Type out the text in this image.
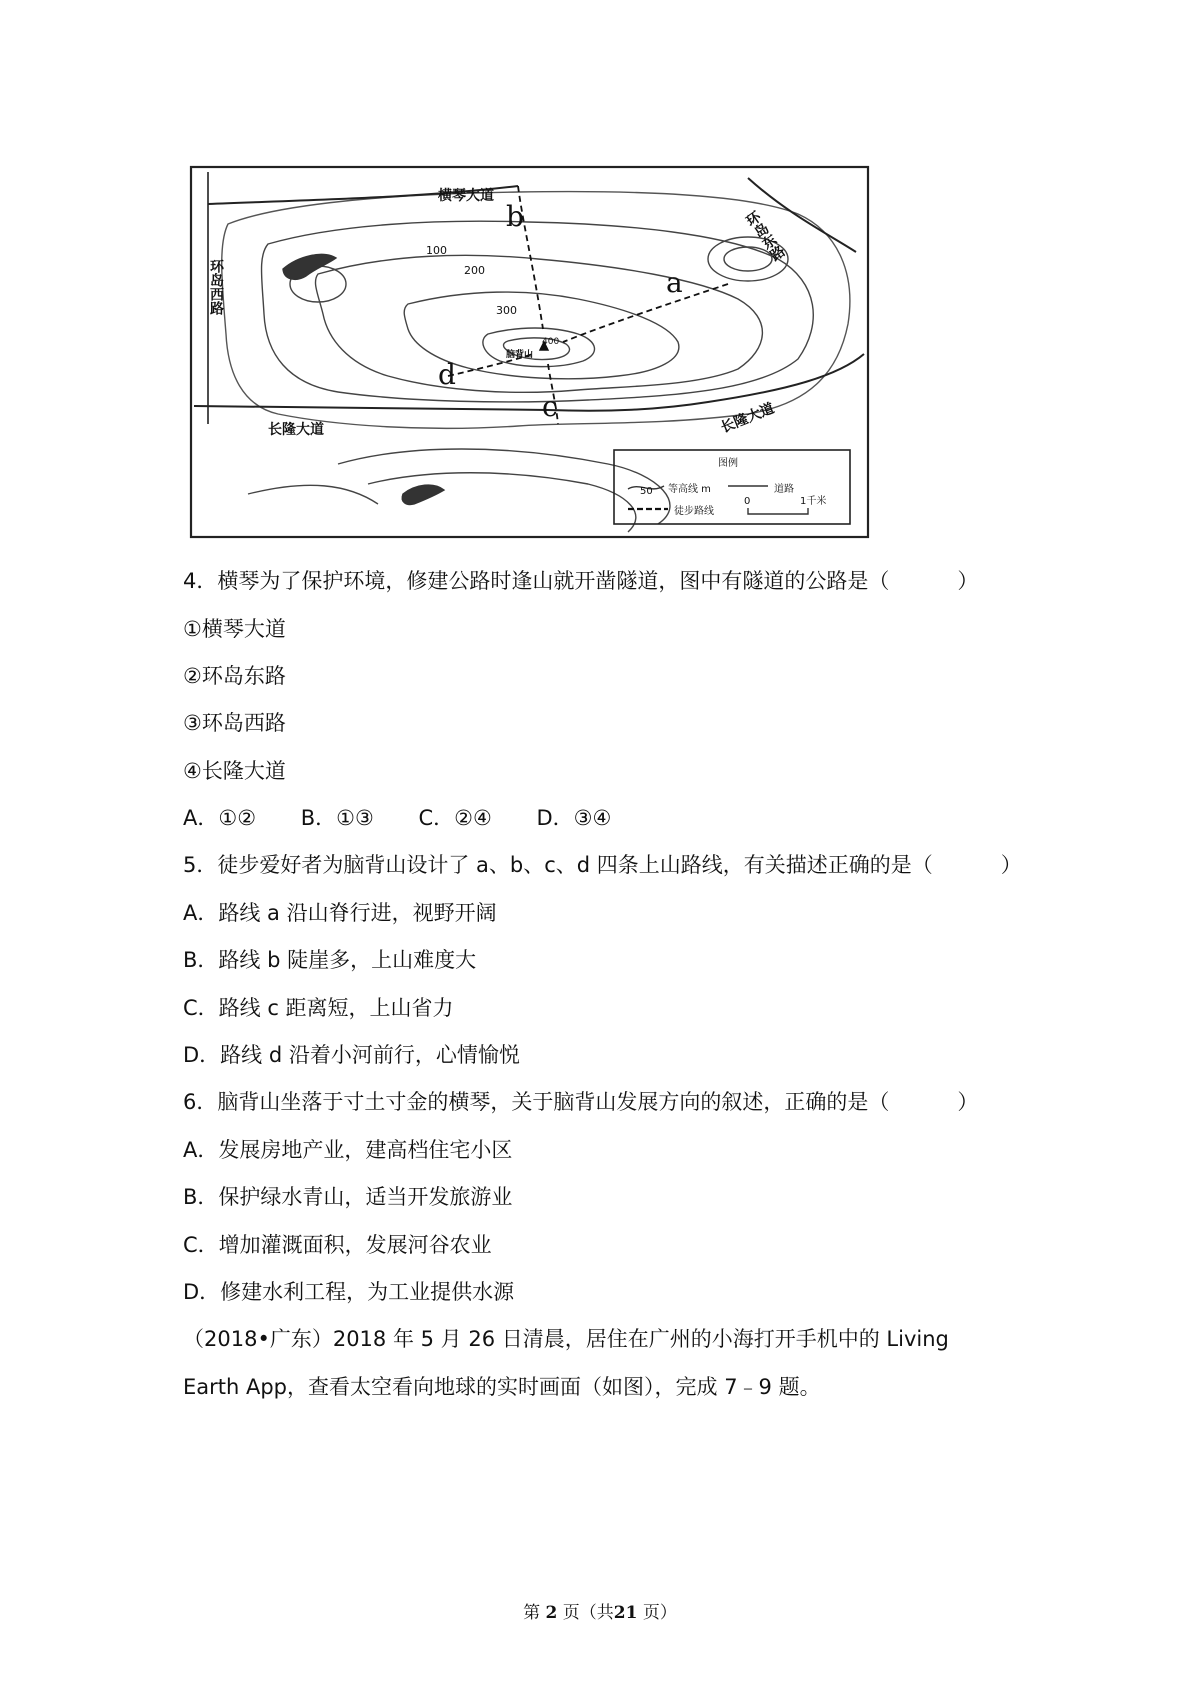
横琴大道
环岛西路
环岛东路
长隆大道	长隆大道
b
a
c
d
100
200
300
400
脑背山
图例
50 等高线 m	道路
徒步路线
0	1千米
4．横琴为了保护环境，修建公路时逢山就开凿隧道，图中有隧道的公路是（	）
①横琴大道
②环岛东路
③环岛西路
④长隆大道
A．①② B．①③ C．②④ D．③④
5．徒步爱好者为脑背山设计了 a、b、c、d 四条上山路线，有关描述正确的是（	）
A．路线 a 沿山脊行进，视野开阔
B．路线 b 陡崖多，上山难度大
C．路线 c 距离短，上山省力
D．路线 d 沿着小河前行，心情愉悦
6．脑背山坐落于寸土寸金的横琴，关于脑背山发展方向的叙述，正确的是（	）
A．发展房地产业，建高档住宅小区
B．保护绿水青山，适当开发旅游业
C．增加灌溉面积，发展河谷农业
D．修建水利工程，为工业提供水源
（2018•广东）2018 年 5 月 26 日清晨，居住在广州的小海打开手机中的 Living
Earth App，查看太空看向地球的实时画面（如图），完成 7﹣9 题。
第 2 页（共21 页）
